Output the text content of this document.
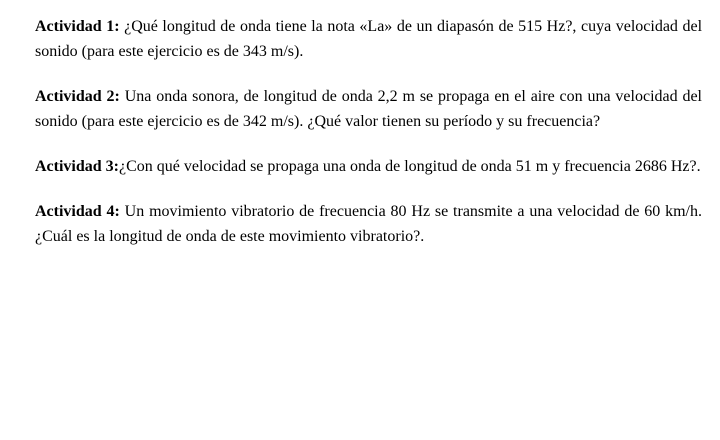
Actividad 1: ¿Qué longitud de onda tiene la nota «La» de un diapasón de 515 Hz?, cuya velocidad del sonido (para este ejercicio es de 343 m/s).

Actividad 2: Una onda sonora, de longitud de onda 2,2 m se propaga en el aire con una velocidad del sonido (para este ejercicio es de 342 m/s). ¿Qué valor tienen su período y su frecuencia?

Actividad 3:¿Con qué velocidad se propaga una onda de longitud de onda 51 m y frecuencia 2686 Hz?.

Actividad 4: Un movimiento vibratorio de frecuencia 80 Hz se transmite a una velocidad de 60 km/h. ¿Cuál es la longitud de onda de este movimiento vibratorio?.
